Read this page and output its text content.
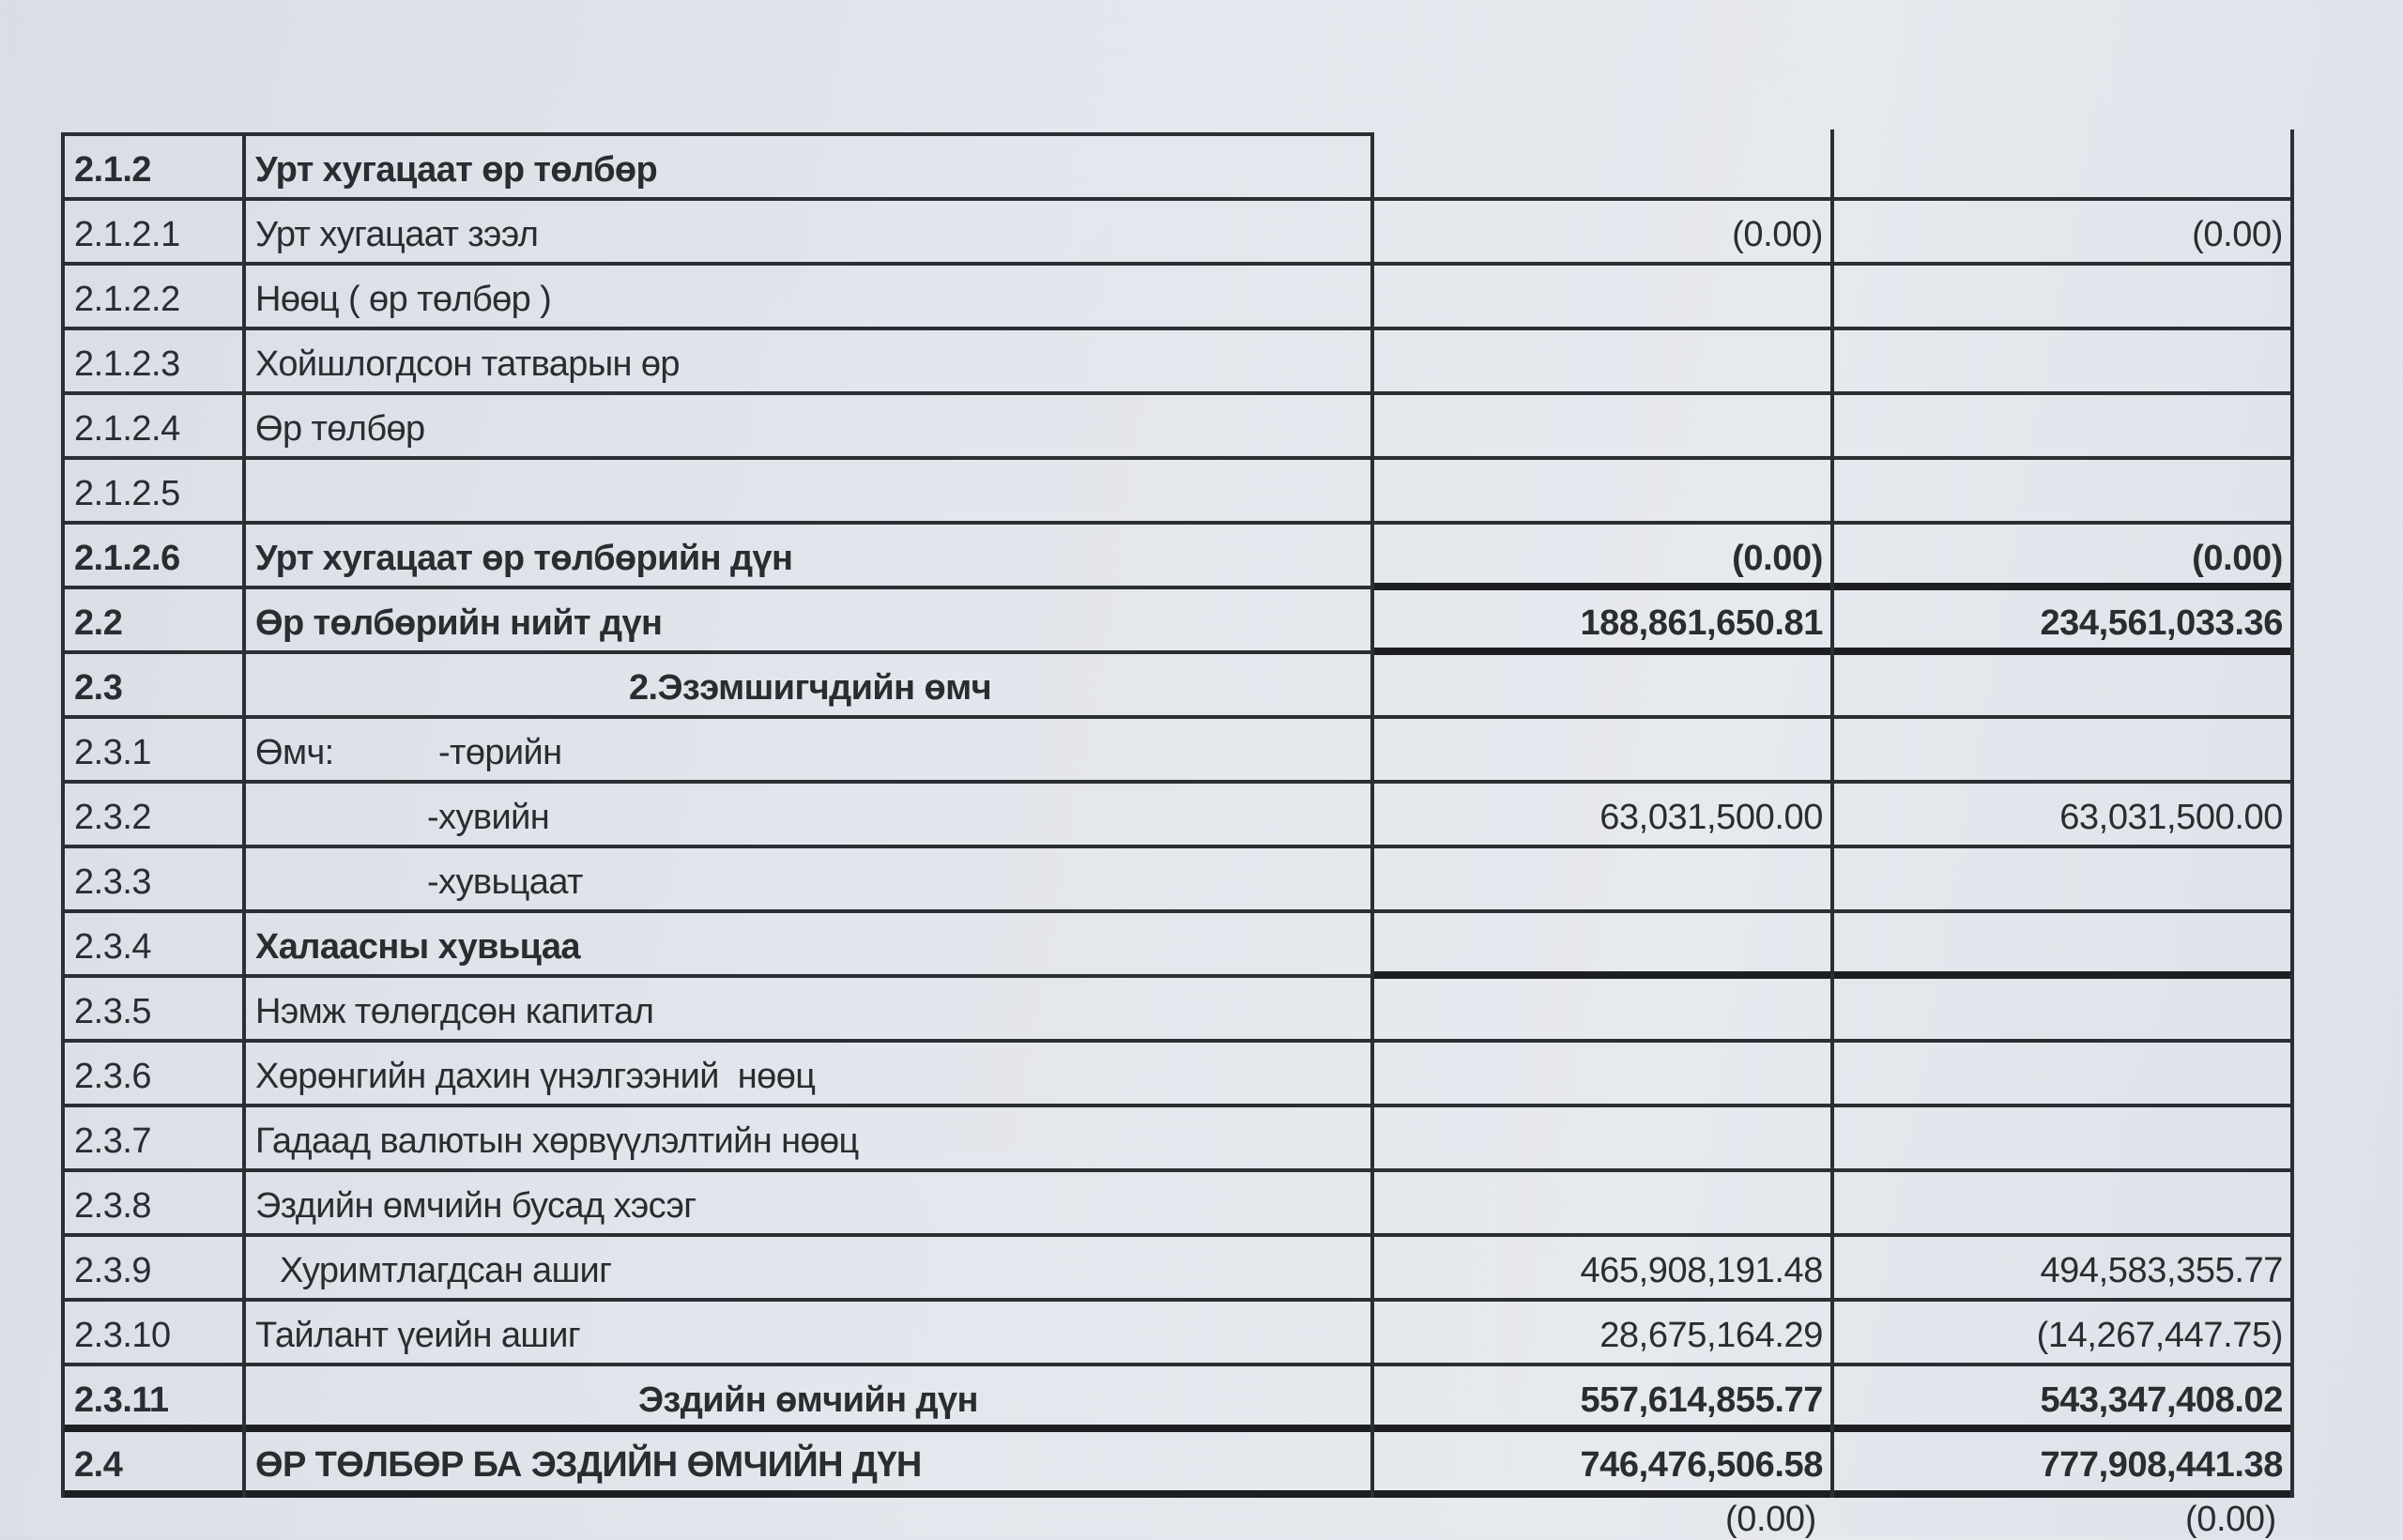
2.1.2	Урт хугацаат өр төлбөр
2.1.2.1	Урт хугацаат зээл	(0.00)	(0.00)
2.1.2.2	Нөөц ( өр төлбөр )
2.1.2.3	Хойшлогдсон татварын өр
2.1.2.4	Өр төлбөр
2.1.2.5
2.1.2.6	Урт хугацаат өр төлбөрийн дүн	(0.00)	(0.00)
2.2	Өр төлбөрийн нийт дүн	188,861,650.81	234,561,033.36
2.3	2.Эзэмшигчдийн өмч
2.3.1	Өмч:	-төрийн
2.3.2	-хувийн	63,031,500.00	63,031,500.00
2.3.3	-хувьцаат
2.3.4	Халаасны хувьцаа
2.3.5	Нэмж төлөгдсөн капитал
2.3.6	Хөрөнгийн дахин үнэлгээний  нөөц
2.3.7	Гадаад валютын хөрвүүлэлтийн нөөц
2.3.8	Эздийн өмчийн бусад хэсэг
2.3.9	Хуримтлагдсан ашиг	465,908,191.48	494,583,355.77
2.3.10	Тайлант үеийн ашиг	28,675,164.29	(14,267,447.75)
2.3.11	Эздийн өмчийн дүн	557,614,855.77	543,347,408.02
2.4	ӨР ТӨЛБӨР БА ЭЗДИЙН ӨМЧИЙН ДҮН	746,476,506.58	777,908,441.38
(0.00)	(0.00)
